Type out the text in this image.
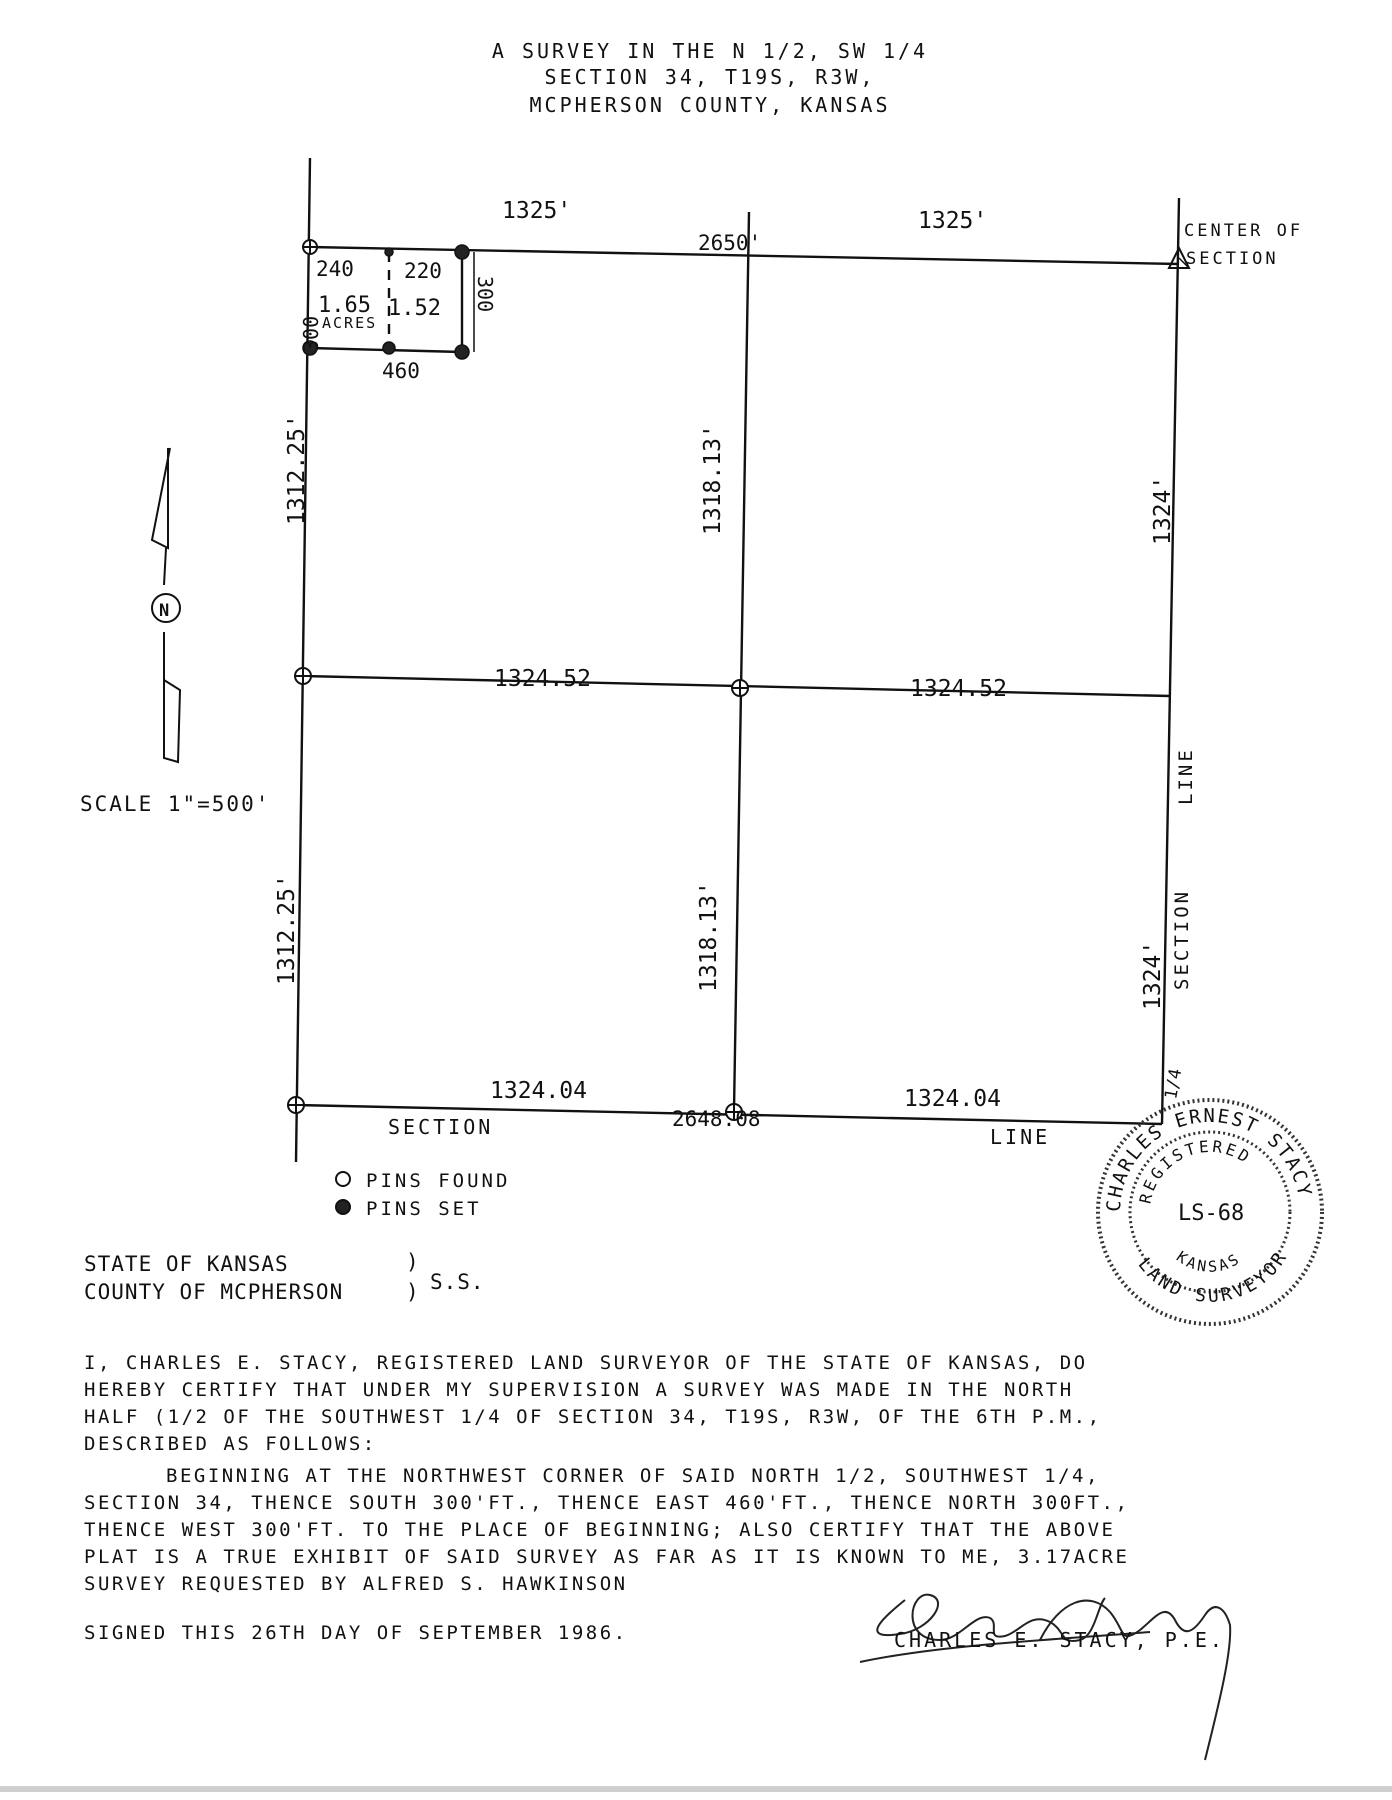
A SURVEY IN THE N 1/2, SW 1/4
SECTION 34, T19S, R3W,
MCPHERSON COUNTY, KANSAS
N
240 220
1.65 1.52
ACRES
460
300
300
1325'	1325'
2650'	CENTER OF
SECTION
1312.25'
1312.25'
1318.13'
1318.13'
1324'
1324' SECTION
LINE
1/4
1324.52	1324.52
1324.04	1324.04
2648.08
SECTION	LINE
CHARLES ERNEST STACY
LAND SURVEYOR
REGISTERED
KANSAS
LS-68
SCALE 1"=500'
PINS FOUND
PINS SET
STATE OF KANSAS
COUNTY OF MCPHERSON
)
) S.S.
I, CHARLES E. STACY, REGISTERED LAND SURVEYOR OF THE STATE OF KANSAS, DO
HEREBY CERTIFY THAT UNDER MY SUPERVISION A SURVEY WAS MADE IN THE NORTH
HALF (1/2 OF THE SOUTHWEST 1/4 OF SECTION 34, T19S, R3W, OF THE 6TH P.M.,
DESCRIBED AS FOLLOWS:
BEGINNING AT THE NORTHWEST CORNER OF SAID NORTH 1/2, SOUTHWEST 1/4,
SECTION 34, THENCE SOUTH 300'FT., THENCE EAST 460'FT., THENCE NORTH 300FT.,
THENCE WEST 300'FT. TO THE PLACE OF BEGINNING; ALSO CERTIFY THAT THE ABOVE
PLAT IS A TRUE EXHIBIT OF SAID SURVEY AS FAR AS IT IS KNOWN TO ME, 3.17ACRE
SURVEY REQUESTED BY ALFRED S. HAWKINSON
SIGNED THIS 26TH DAY OF SEPTEMBER 1986.	CHARLES E. STACY, P.E.
